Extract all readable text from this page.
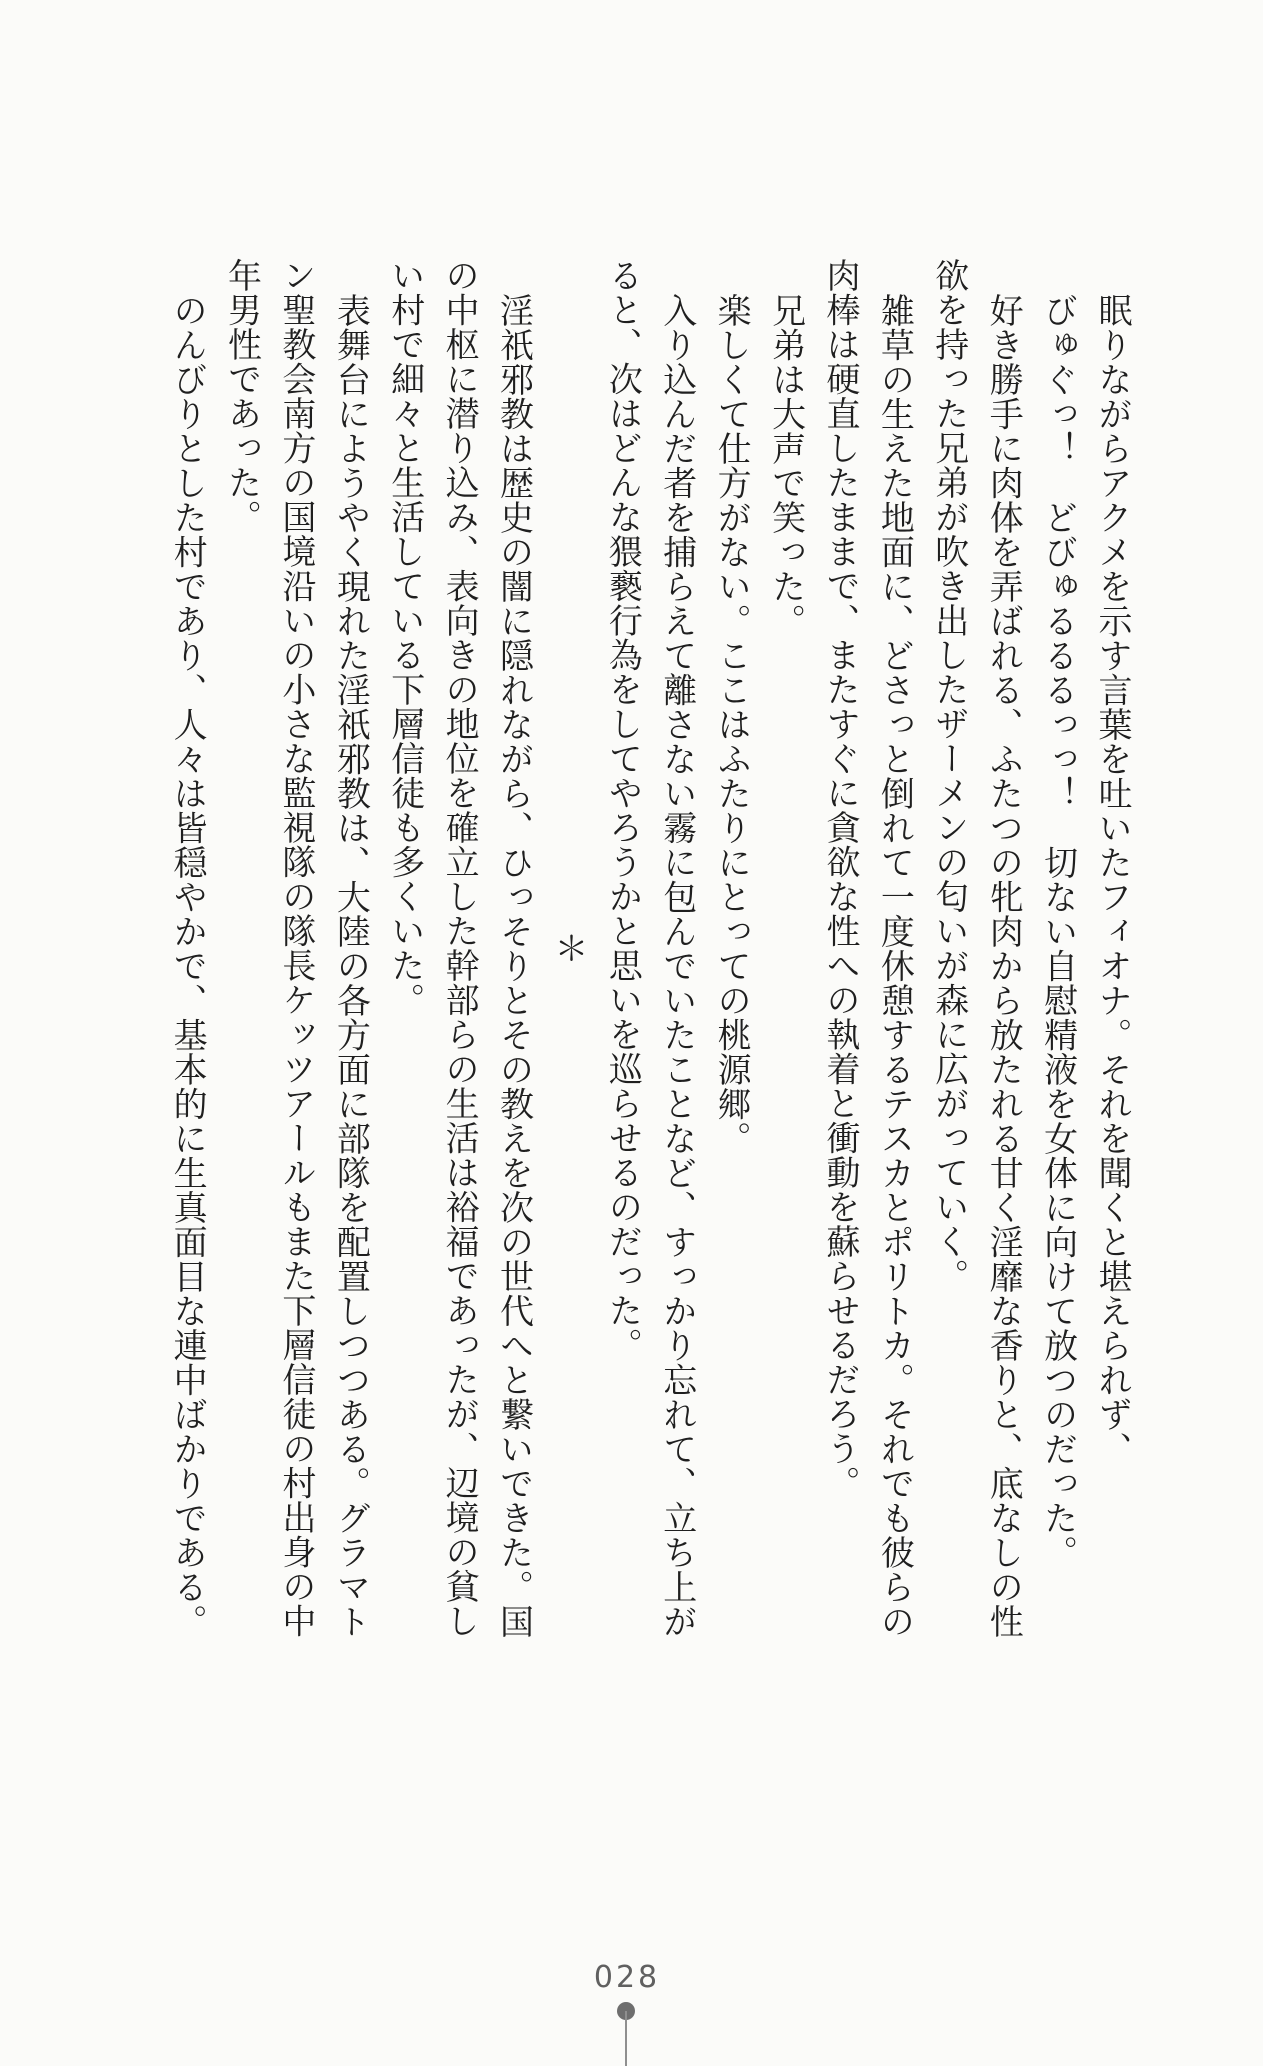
眠りながらアクメを示す言葉を吐いたフィオナ。それを聞くと堪えられず、
びゅぐっ！　どびゅるるるっっ！　切ない自慰精液を女体に向けて放つのだった。
好き勝手に肉体を弄ばれる、ふたつの牝肉から放たれる甘く淫靡な香りと、底なしの性
欲を持った兄弟が吹き出したザーメンの匂いが森に広がっていく。
雑草の生えた地面に、どさっと倒れて一度休憩するテスカとポリトカ。それでも彼らの
肉棒は硬直したままで、またすぐに貪欲な性への執着と衝動を蘇らせるだろう。
兄弟は大声で笑った。
楽しくて仕方がない。ここはふたりにとっての桃源郷。
入り込んだ者を捕らえて離さない霧に包んでいたことなど、すっかり忘れて、立ち上が
ると、次はどんな猥褻行為をしてやろうかと思いを巡らせるのだった。
＊
淫祇邪教は歴史の闇に隠れながら、ひっそりとその教えを次の世代へと繋いできた。国
の中枢に潜り込み、表向きの地位を確立した幹部らの生活は裕福であったが、辺境の貧し
い村で細々と生活している下層信徒も多くいた。
表舞台にようやく現れた淫祇邪教は、大陸の各方面に部隊を配置しつつある。グラマト
ン聖教会南方の国境沿いの小さな監視隊の隊長ケッツアールもまた下層信徒の村出身の中
年男性であった。
のんびりとした村であり、人々は皆穏やかで、基本的に生真面目な連中ばかりである。
028
